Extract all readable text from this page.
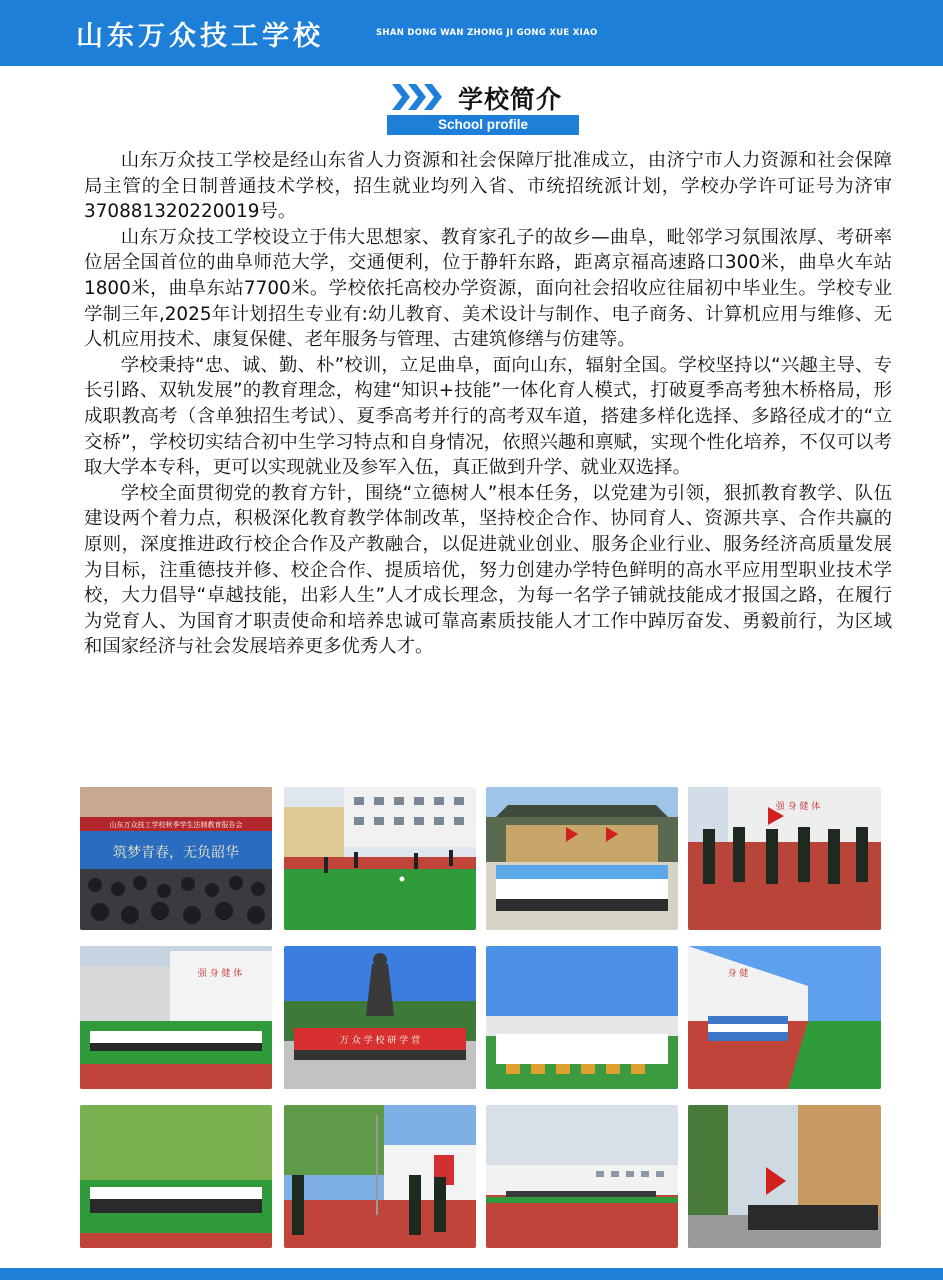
山东万众技工学校	SHAN DONG WAN ZHONG JI GONG XUE XIAO
学校简介
School profile

山东万众技工学校是经山东省人力资源和社会保障厅批准成立，由济宁市人力资源和社会保障局主管的全日制普通技术学校，招生就业均列入省、市统招统派计划，学校办学许可证号为济审370881320220019号。

山东万众技工学校设立于伟大思想家、教育家孔子的故乡—曲阜，毗邻学习氛围浓厚、考研率位居全国首位的曲阜师范大学，交通便利，位于静轩东路，距离京福高速路口300米，曲阜火车站1800米，曲阜东站7700米。学校依托高校办学资源，面向社会招收应往届初中毕业生。学校专业学制三年,2025年计划招生专业有:幼儿教育、美术设计与制作、电子商务、计算机应用与维修、无人机应用技术、康复保健、老年服务与管理、古建筑修缮与仿建等。

学校秉持“忠、诚、勤、朴”校训，立足曲阜，面向山东，辐射全国。学校坚持以“兴趣主导、专长引路、双轨发展”的教育理念，构建“知识+技能”一体化育人模式，打破夏季高考独木桥格局，形成职教高考（含单独招生考试）、夏季高考并行的高考双车道，搭建多样化选择、多路径成才的“立交桥”，学校切实结合初中生学习特点和自身情况，依照兴趣和禀赋，实现个性化培养，不仅可以考取大学本专科，更可以实现就业及参军入伍，真正做到升学、就业双选择。

学校全面贯彻党的教育方针，围绕“立德树人”根本任务，以党建为引领，狠抓教育教学、队伍建设两个着力点，积极深化教育教学体制改革，坚持校企合作、协同育人、资源共享、合作共赢的原则，深度推进政行校企合作及产教融合，以促进就业创业、服务企业行业、服务经济高质量发展为目标，注重德技并修、校企合作、提质培优，努力创建办学特色鲜明的高水平应用型职业技术学校，大力倡导“卓越技能，出彩人生”人才成长理念，为每一名学子铺就技能成才报国之路，在履行为党育人、为国育才职责使命和培养忠诚可靠高素质技能人才工作中踔厉奋发、勇毅前行，为区域和国家经济与社会发展培养更多优秀人才。

山东万众技工学校秋季学生法制教育报告会
筑梦青春，无负韶华
强 身 健 体
强 身 健 体
万 众 学 校 研 学 营
身 健
